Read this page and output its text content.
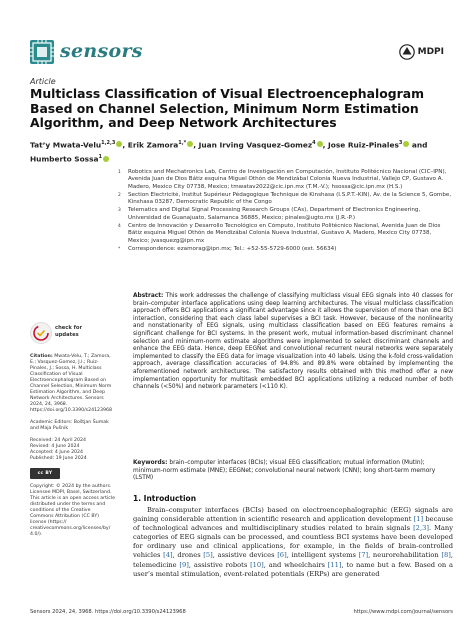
sensors	MDPI
Article
Multiclass Classification of Visual Electroencephalogram Based on Channel Selection, Minimum Norm Estimation Algorithm, and Deep Network Architectures
Tat’y Mwata-Velu$^{1,2,3}$ , Erik Zamora$^{1,*}$ , Juan Irving Vasquez-Gomez$^4$ , Jose Ruiz-Pinales$^3$ and Humberto Sossa$^1$
1 Robotics and Mechatronics Lab, Centro de Investigación en Computación, Instituto Politécnico Nacional (CIC–IPN), Avenida Juan de Dios Bátiz esquina Miguel Othón de Mendizábal Colonia Nueva Industrial, Vallejo CP, Gustavo A. Madero, Mexico City 07738, Mexico; tmwatav2022@cic.ipn.mx (T.M.-V.); hsossa@cic.ipn.mx (H.S.)
2 Section Electricité, Institut Supérieur Pédagogique Technique de Kinshasa (I.S.P.T.-KIN), Av. de la Science 5, Gombe, Kinshasa 03287, Democratic Republic of the Congo
3 Telematics and Digital Signal Processing Research Groups (CAs), Department of Electronics Engineering, Universidad de Guanajuato, Salamanca 36885, Mexico; pinales@ugto.mx (J.R.-P.)
4 Centro de Innovación y Desarrollo Tecnológico en Cómputo, Instituto Politécnico Nacional, Avenida Juan de Dios Bátiz esquina Miguel Othón de Mendizábal Colonia Nueva Industrial, Gustavo A. Madero, Mexico City 07738, Mexico; jvasquezg@ipn.mx
* Correspondence: ezamorag@ipn.mx; Tel.: +52-55-5729-6000 (ext. 56634)
check for
updates
Citation: Mwata-Velu, T.; Zamora, E.; Vasquez-Gomez, J.I.; Ruiz-Pinales, J.; Sossa, H. Multiclass Classification of Visual Electroencephalogram Based on Channel Selection, Minimum Norm Estimation Algorithm, and Deep Network Architectures. Sensors 2024, 24, 3968. https://doi.org/10.3390/s24123968
Academic Editors: Boštjan Šumak and Maja Pušnik
Received: 24 April 2024
Revised: 4 June 2024
Accepted: 4 June 2024
Published: 19 June 2024
cc BY
Copyright: © 2024 by the authors. Licensee MDPI, Basel, Switzerland. This article is an open access article distributed under the terms and conditions of the Creative Commons Attribution (CC BY) license (https:// creativecommons.org/licenses/by/ 4.0/).
Abstract: This work addresses the challenge of classifying multiclass visual EEG signals into 40 classes for brain–computer interface applications using deep learning architectures. The visual multiclass classification approach offers BCI applications a significant advantage since it allows the supervision of more than one BCI interaction, considering that each class label supervises a BCI task. However, because of the nonlinearity and nonstationarity of EEG signals, using multiclass classification based on EEG features remains a significant challenge for BCI systems. In the present work, mutual information-based discriminant channel selection and minimum-norm estimate algorithms were implemented to select discriminant channels and enhance the EEG data. Hence, deep EEGNet and convolutional recurrent neural networks were separately implemented to classify the EEG data for image visualization into 40 labels. Using the k-fold cross-validation approach, average classification accuracies of 94.8% and 89.8% were obtained by implementing the aforementioned network architectures. The satisfactory results obtained with this method offer a new implementation opportunity for multitask embedded BCI applications utilizing a reduced number of both channels (<50%) and network parameters (<110 K).
Keywords: brain–computer interfaces (BCIs); visual EEG classification; mutual information (MutIn); minimum-norm estimate (MNE); EEGNet; convolutional neural network (CNN); long short-term memory (LSTM)
1. Introduction

Brain–computer interfaces (BCIs) based on electroencephalographic (EEG) signals are gaining considerable attention in scientific research and application development [1] because of technological advances and multidisciplinary studies related to brain signals [2,3]. Many categories of EEG signals can be processed, and countless BCI systems have been developed for ordinary use and clinical applications, for example, in the fields of brain-controlled vehicles [4], drones [5], assistive devices [6], intelligent systems [7], neurorehabilitation [8], telemedicine [9], assistive robots [10], and wheelchairs [11], to name but a few. Based on a user’s mental stimulation, event-related potentials (ERPs) are generated

Sensors 2024, 24, 3968. https://doi.org/10.3390/s24123968	https://www.mdpi.com/journal/sensors
